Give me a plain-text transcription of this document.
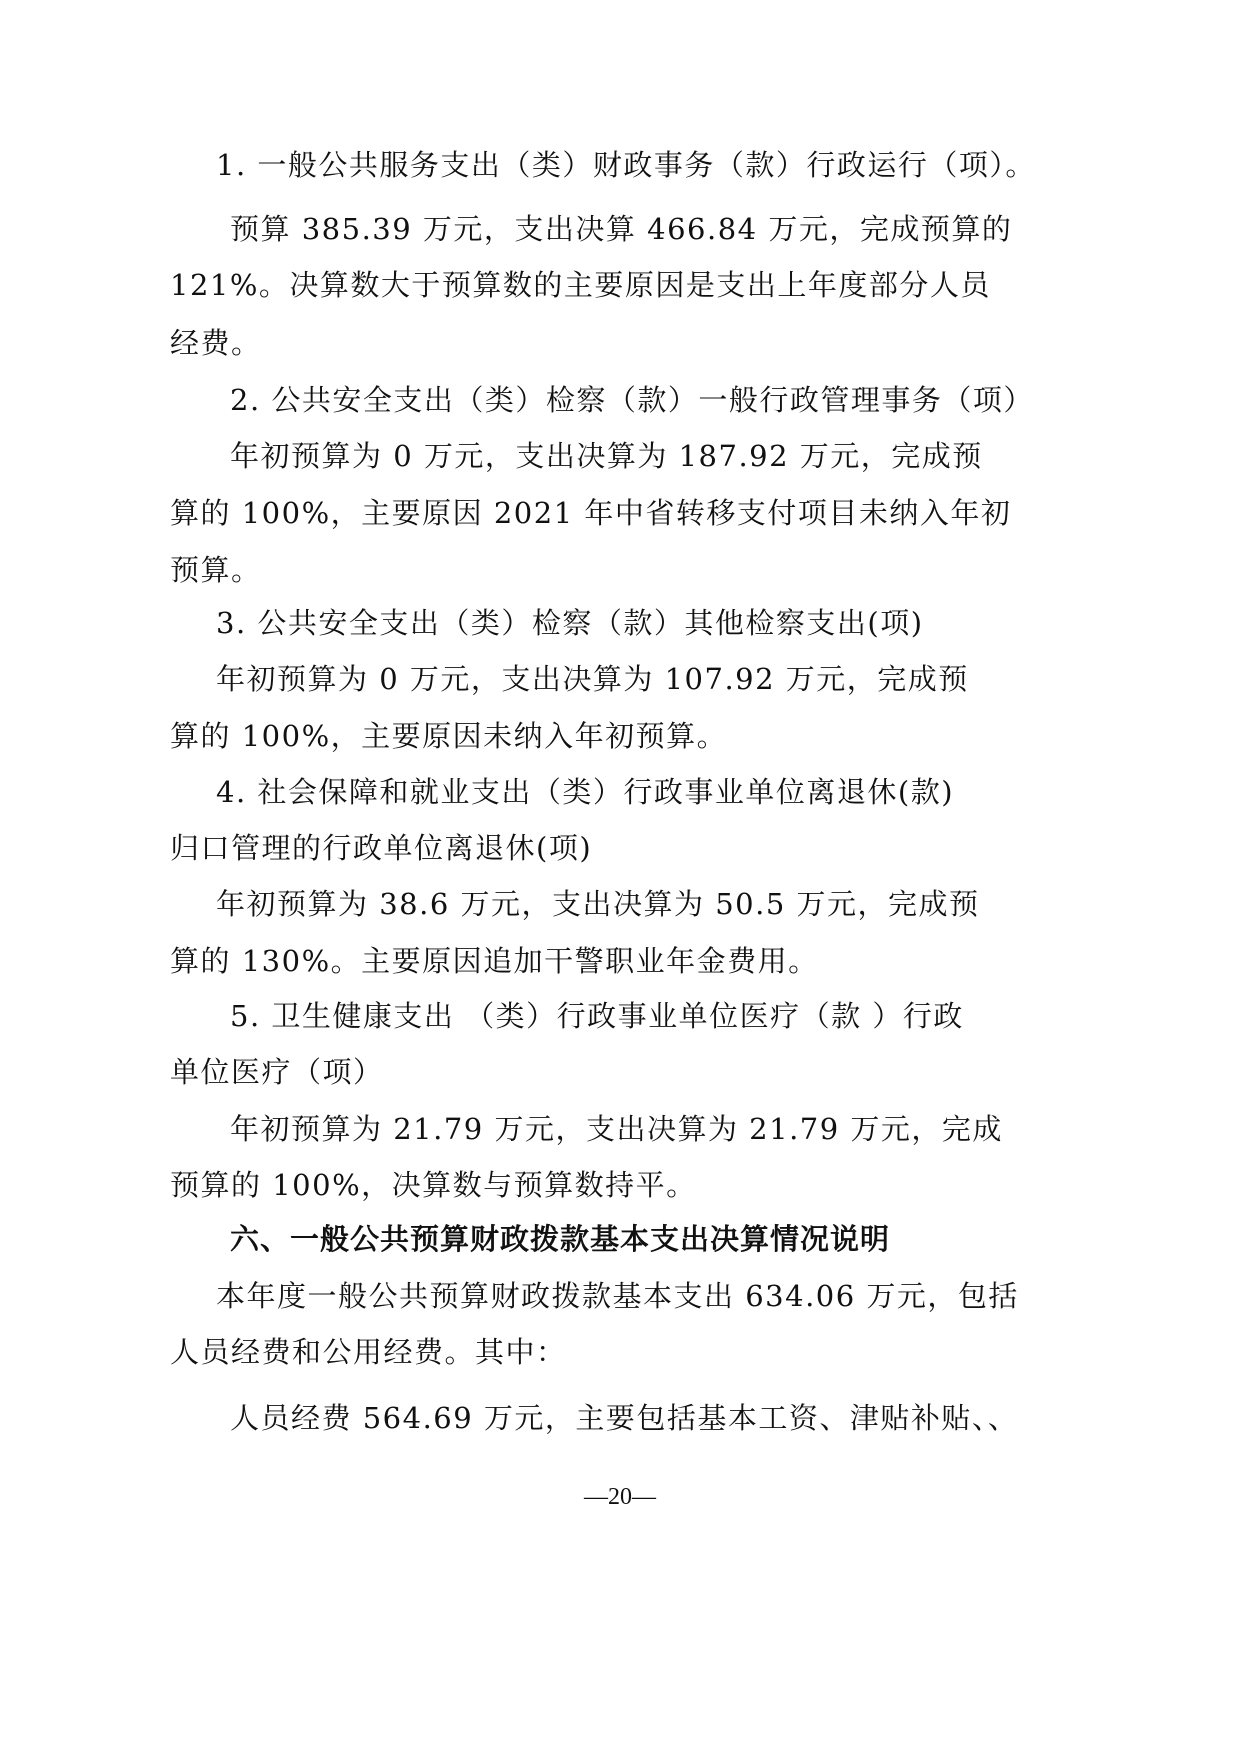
1. 一般公共服务支出（类）财政事务（款）行政运行（项）。
预算 385.39 万元，支出决算 466.84 万元，完成预算的
121%。决算数大于预算数的主要原因是支出上年度部分人员
经费。
2. 公共安全支出（类）检察（款）一般行政管理事务（项）
年初预算为 0 万元，支出决算为 187.92 万元，完成预
算的 100%，主要原因 2021 年中省转移支付项目未纳入年初
预算。
3. 公共安全支出（类）检察（款）其他检察支出(项)
年初预算为 0 万元，支出决算为 107.92 万元，完成预
算的 100%，主要原因未纳入年初预算。
4. 社会保障和就业支出（类）行政事业单位离退休(款)
归口管理的行政单位离退休(项)
年初预算为 38.6 万元，支出决算为 50.5 万元，完成预
算的 130%。主要原因追加干警职业年金费用。
5. 卫生健康支出 （类）行政事业单位医疗（款 ）行政
单位医疗（项）
年初预算为 21.79 万元，支出决算为 21.79 万元，完成
预算的 100%，决算数与预算数持平。
六、一般公共预算财政拨款基本支出决算情况说明
本年度一般公共预算财政拨款基本支出 634.06 万元，包括
人员经费和公用经费。其中：
人员经费 564.69 万元，主要包括基本工资、津贴补贴、、
—20—
